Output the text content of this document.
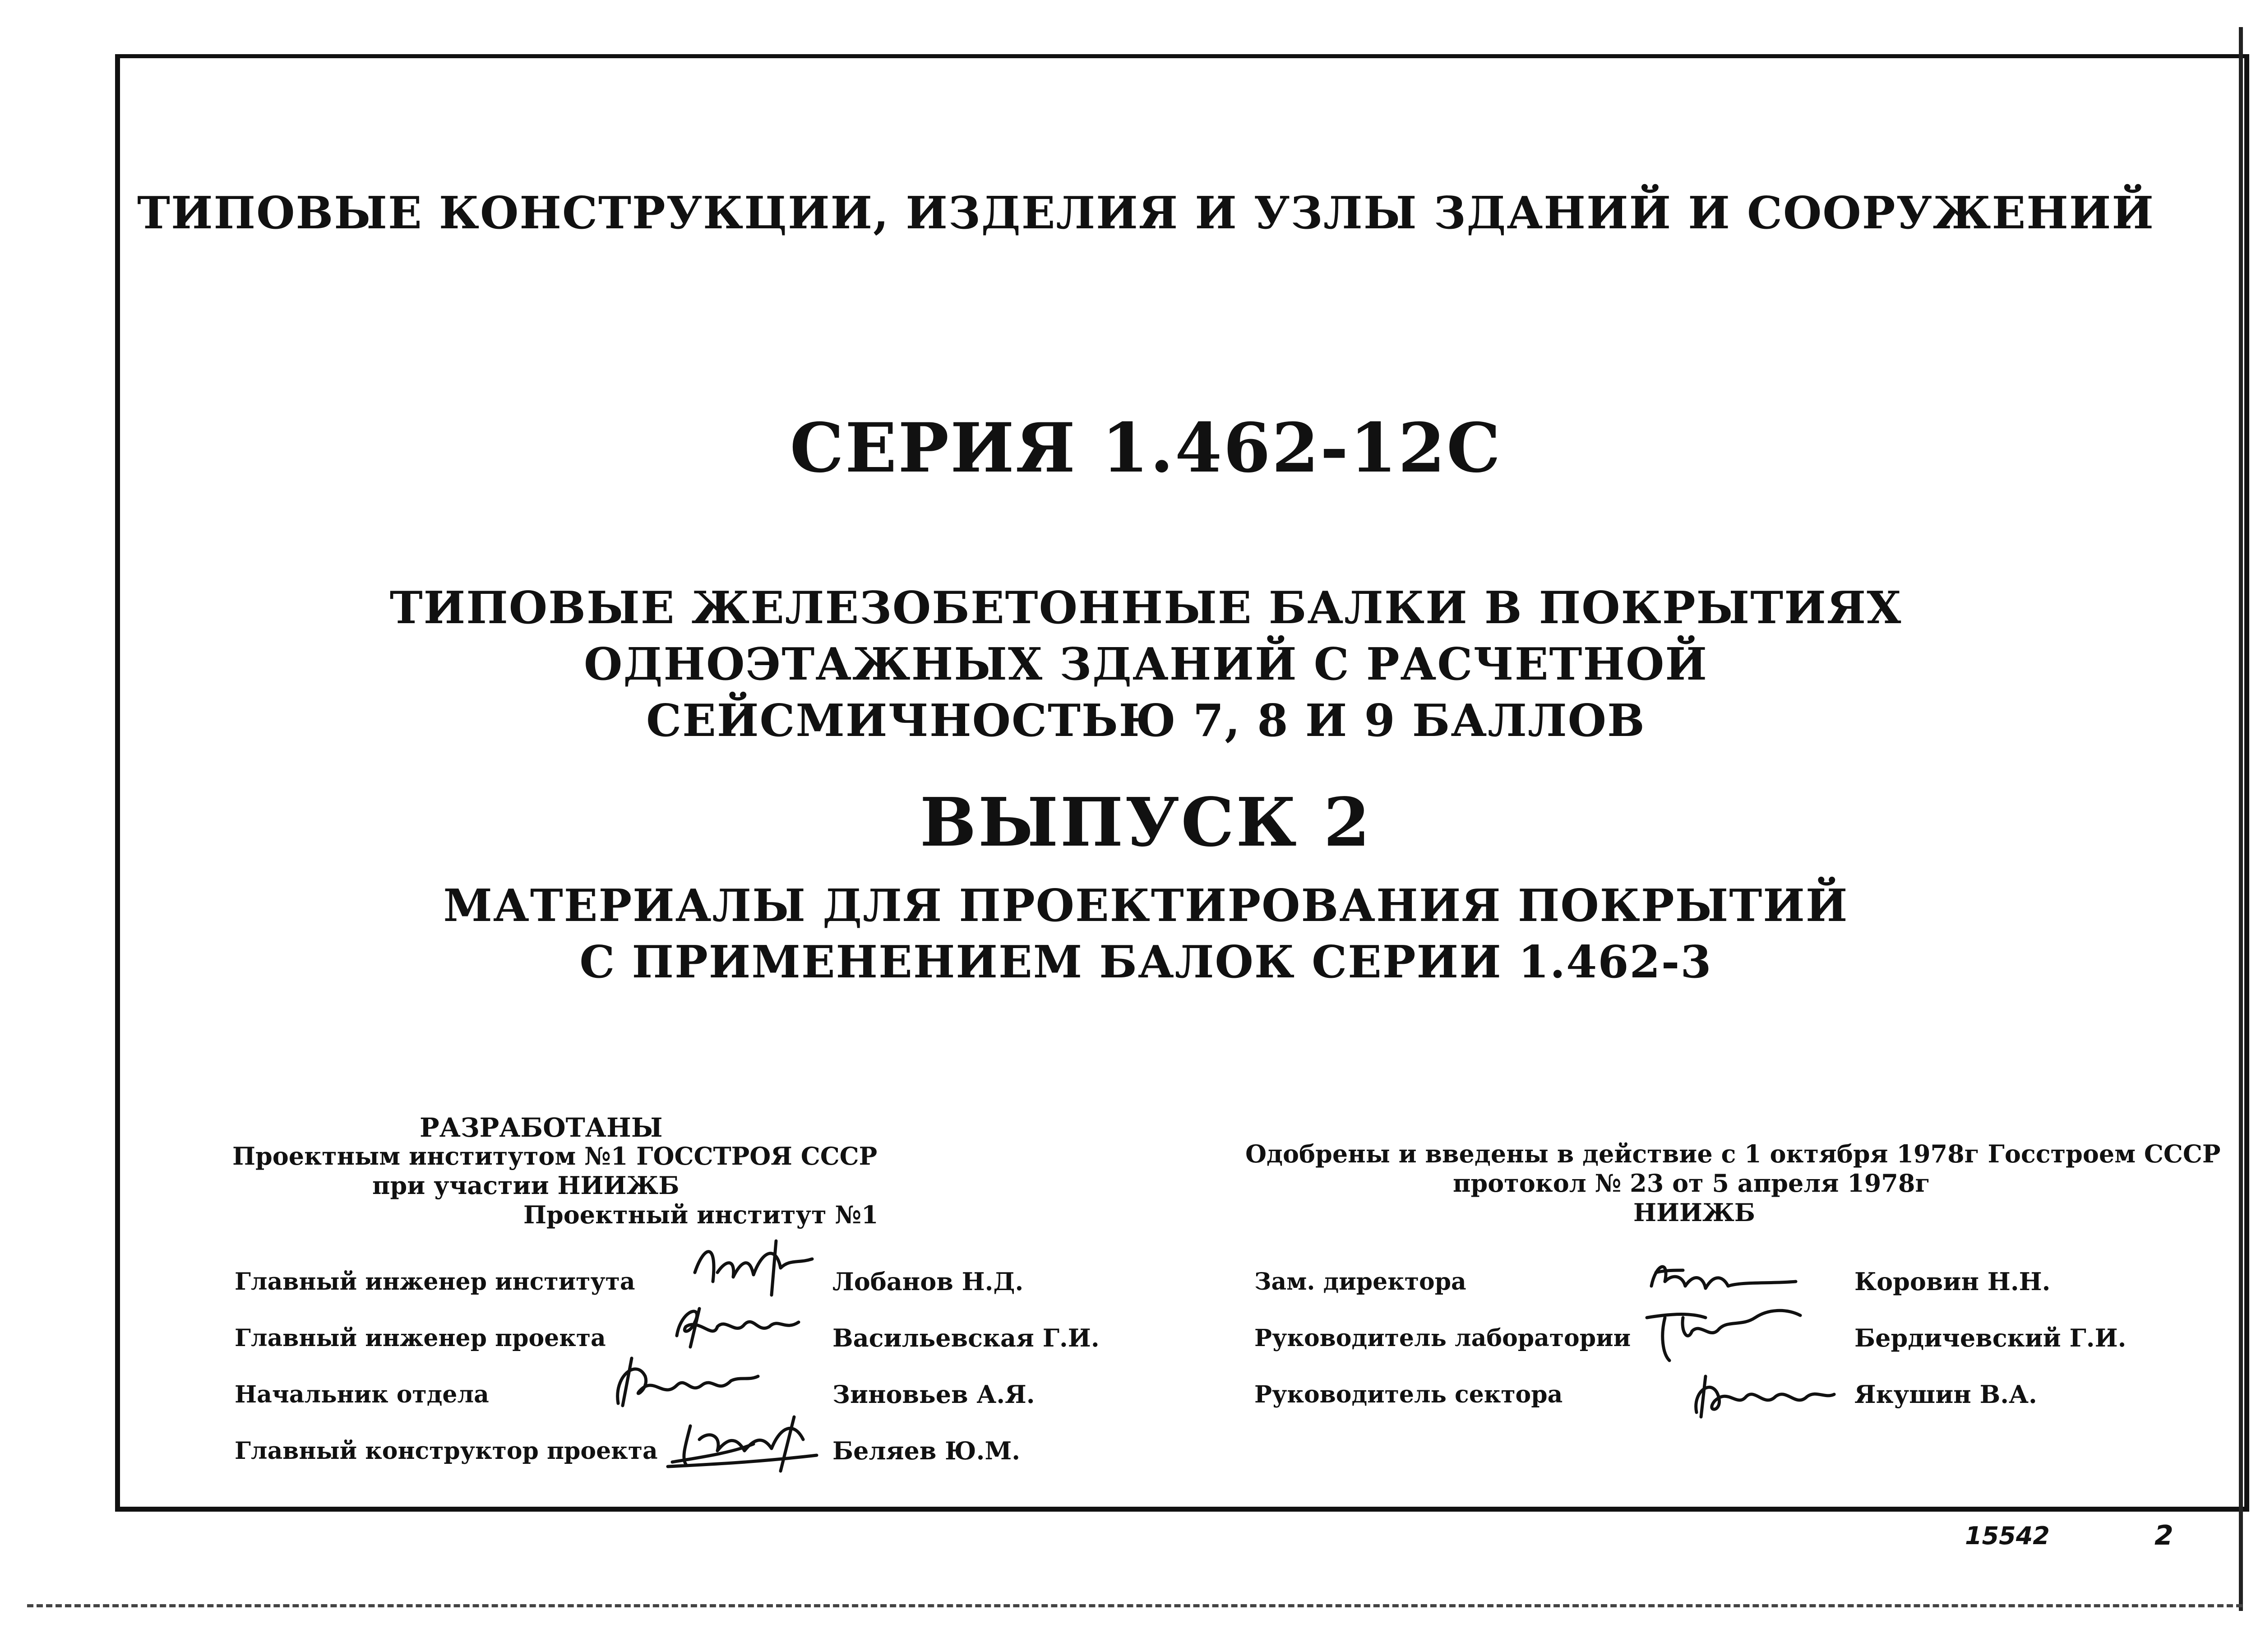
ТИПОВЫЕ КОНСТРУКЦИИ, ИЗДЕЛИЯ И УЗЛЫ ЗДАНИЙ И СООРУЖЕНИЙ
СЕРИЯ 1.462-12С
ТИПОВЫЕ ЖЕЛЕЗОБЕТОННЫЕ БАЛКИ В ПОКРЫТИЯХ
ОДНОЭТАЖНЫХ ЗДАНИЙ С РАСЧЕТНОЙ
СЕЙСМИЧНОСТЬЮ 7, 8 И 9 БАЛЛОВ
ВЫПУСК 2
МАТЕРИАЛЫ ДЛЯ ПРОЕКТИРОВАНИЯ ПОКРЫТИЙ
С ПРИМЕНЕНИЕМ БАЛОК СЕРИИ 1.462-3
РАЗРАБОТАНЫ
Проектным институтом №1 ГОССТРОЯ СССР
при участии НИИЖБ
Проектный институт №1
Главный инженер института	Лобанов Н.Д.
Главный инженер проекта	Васильевская Г.И.
Начальник отдела	Зиновьев А.Я.
Главный конструктор проекта	Беляев Ю.М.
Одобрены и введены в действие с 1 октября 1978г Госстроем СССР
протокол № 23 от 5 апреля 1978г
НИИЖБ
Зам. директора	Коровин Н.Н.
Руководитель лаборатории	Бердичевский Г.И.
Руководитель сектора	Якушин В.А.
15542	2
